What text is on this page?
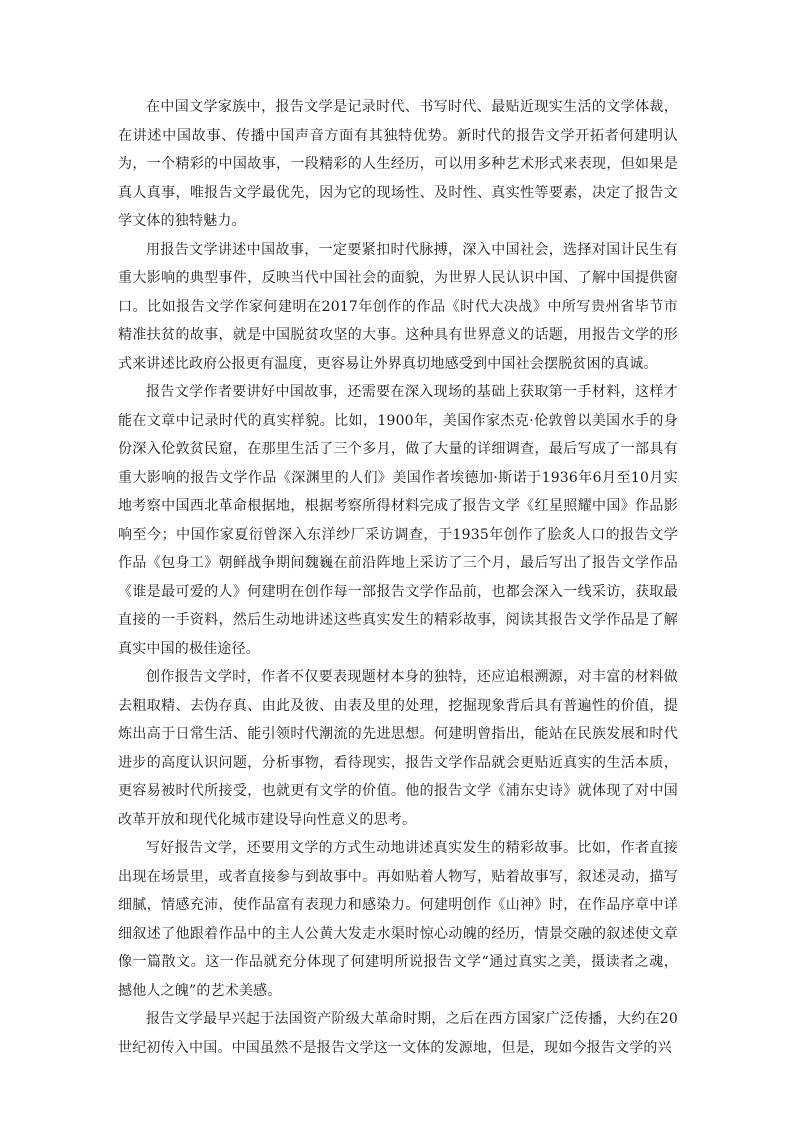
在中国文学家族中，报告文学是记录时代、书写时代、最贴近现实生活的文学体裁，在讲述中国故事、传播中国声音方面有其独特优势。新时代的报告文学开拓者何建明认为，一个精彩的中国故事，一段精彩的人生经历，可以用多种艺术形式来表现，但如果是真人真事，唯报告文学最优先，因为它的现场性、及时性、真实性等要素，决定了报告文学文体的独特魅力。

用报告文学讲述中国故事，一定要紧扣时代脉搏，深入中国社会，选择对国计民生有重大影响的典型事件，反映当代中国社会的面貌，为世界人民认识中国、了解中国提供窗口。比如报告文学作家何建明在2017年创作的作品《时代大决战》中所写贵州省毕节市精准扶贫的故事，就是中国脱贫攻坚的大事。这种具有世界意义的话题，用报告文学的形式来讲述比政府公报更有温度，更容易让外界真切地感受到中国社会摆脱贫困的真诚。

报告文学作者要讲好中国故事，还需要在深入现场的基础上获取第一手材料，这样才能在文章中记录时代的真实样貌。比如，1900年，美国作家杰克·伦敦曾以美国水手的身份深入伦敦贫民窟，在那里生活了三个多月，做了大量的详细调查，最后写成了一部具有重大影响的报告文学作品《深渊里的人们》美国作者埃德加·斯诺于1936年6月至10月实地考察中国西北革命根据地，根据考察所得材料完成了报告文学《红星照耀中国》作品影响至今；中国作家夏衍曾深入东洋纱厂采访调查，于1935年创作了脍炙人口的报告文学作品《包身工》朝鲜战争期间魏巍在前沿阵地上采访了三个月，最后写出了报告文学作品《谁是最可爱的人》何建明在创作每一部报告文学作品前，也都会深入一线采访，获取最直接的一手资料，然后生动地讲述这些真实发生的精彩故事，阅读其报告文学作品是了解真实中国的极佳途径。

创作报告文学时，作者不仅要表现题材本身的独特，还应追根溯源，对丰富的材料做去粗取精、去伪存真、由此及彼、由表及里的处理，挖掘现象背后具有普遍性的价值，提炼出高于日常生活、能引领时代潮流的先进思想。何建明曾指出，能站在民族发展和时代进步的高度认识问题，分析事物，看待现实，报告文学作品就会更贴近真实的生活本质，更容易被时代所接受，也就更有文学的价值。他的报告文学《浦东史诗》就体现了对中国改革开放和现代化城市建设导向性意义的思考。

写好报告文学，还要用文学的方式生动地讲述真实发生的精彩故事。比如，作者直接出现在场景里，或者直接参与到故事中。再如贴着人物写，贴着故事写，叙述灵动，描写细腻，情感充沛，使作品富有表现力和感染力。何建明创作《山神》时，在作品序章中详细叙述了他跟着作品中的主人公黄大发走水渠时惊心动魄的经历，情景交融的叙述使文章像一篇散文。这一作品就充分体现了何建明所说报告文学“通过真实之美，摄读者之魂，撼他人之魄”的艺术美感。

报告文学最早兴起于法国资产阶级大革命时期，之后在西方国家广泛传播，大约在20世纪初传入中国。中国虽然不是报告文学这一文体的发源地，但是，现如今报告文学的兴
